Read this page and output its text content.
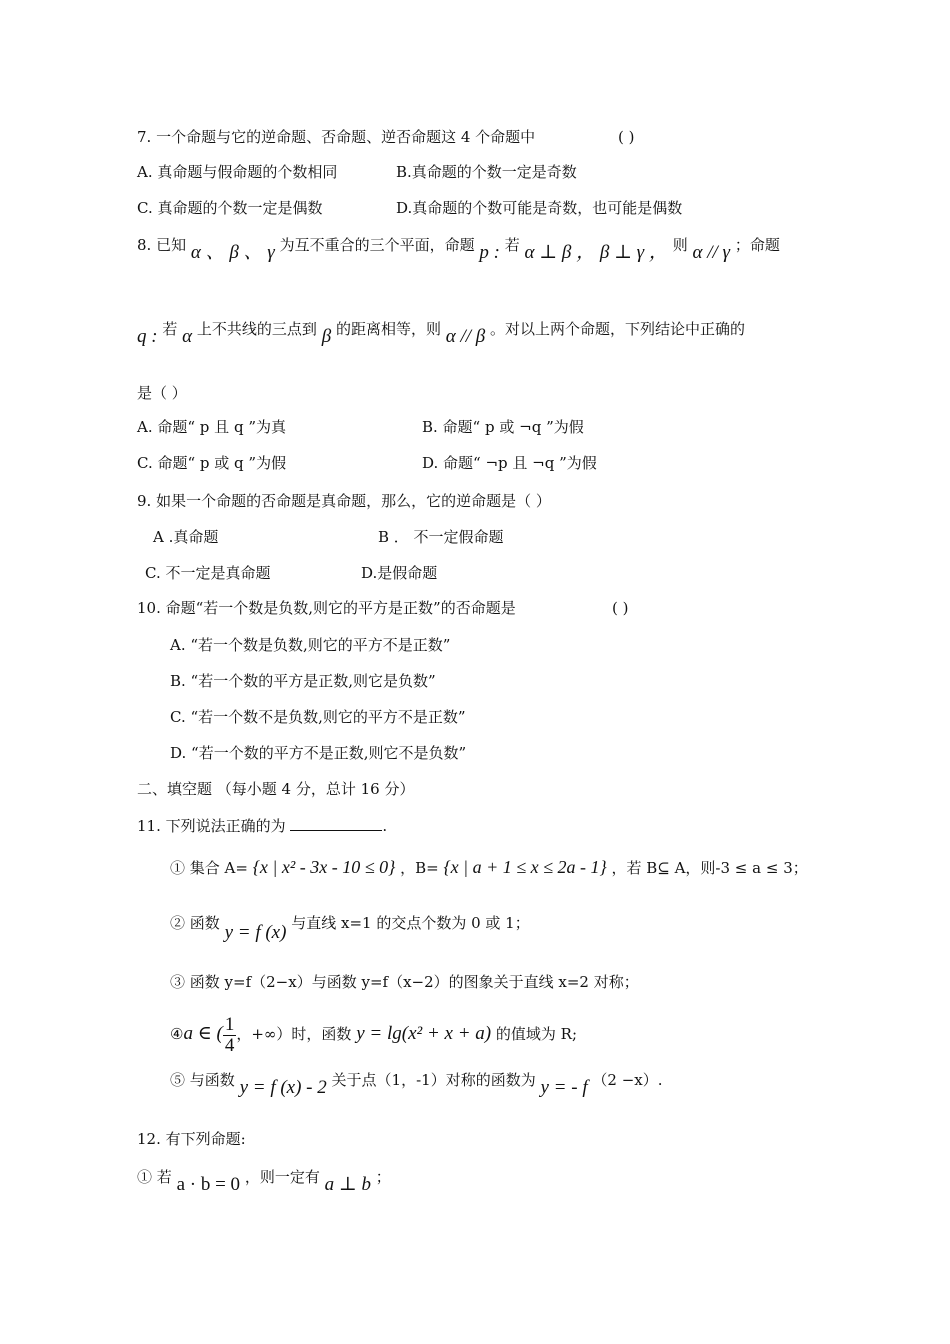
7. 一个命题与它的逆命题、否命题、逆否命题这 4 个命题中	( )
A. 真命题与假命题的个数相同	B.真命题的个数一定是奇数
C. 真命题的个数一定是偶数	D.真命题的个数可能是奇数，也可能是偶数
8. 已知 α 、 β 、 γ 为互不重合的三个平面，命题 p : 若 α ⊥ β ， β ⊥ γ ， 则 α // γ ；命题
q : 若 α 上不共线的三点到 β 的距离相等，则 α // β 。对以上两个命题，下列结论中正确的
是（ ）
A. 命题“ p 且 q ”为真	B. 命题“ p 或 ¬q ”为假
C. 命题“ p 或 q ”为假	D. 命题“ ¬p 且 ¬q ”为假
9. 如果一个命题的否命题是真命题，那么，它的逆命题是（ ）
A .真命题	B ． 不一定假命题
C. 不一定是真命题	D.是假命题
10. 命题“若一个数是负数,则它的平方是正数”的否命题是	( )
A. “若一个数是负数,则它的平方不是正数”
B. “若一个数的平方是正数,则它是负数”
C. “若一个数不是负数,则它的平方不是正数”
D. “若一个数的平方不是正数,则它不是负数”
二、填空题 （每小题 4 分，总计 16 分）
11. 下列说法正确的为	.
① 集合 A= {x | x² - 3x - 10 ≤ 0} ，B= {x | a + 1 ≤ x ≤ 2a - 1} ，若 B⊆ A，则-3 ≤ a ≤ 3；
② 函数 y = f (x) 与直线 x=1 的交点个数为 0 或 1；
③ 函数 y=f（2−x）与函数 y=f（x−2）的图象关于直线 x=2 对称；
④a ∈ ( $\frac{1}{4}$ ，+∞）时，函数 y = lg(x² + x + a) 的值域为 R;
⑤ 与函数 y = f (x) - 2 关于点（1，-1）对称的函数为 y = - f （2 −x）.
12. 有下列命题:
① 若 a · b = 0 ，则一定有 a ⊥ b ；
